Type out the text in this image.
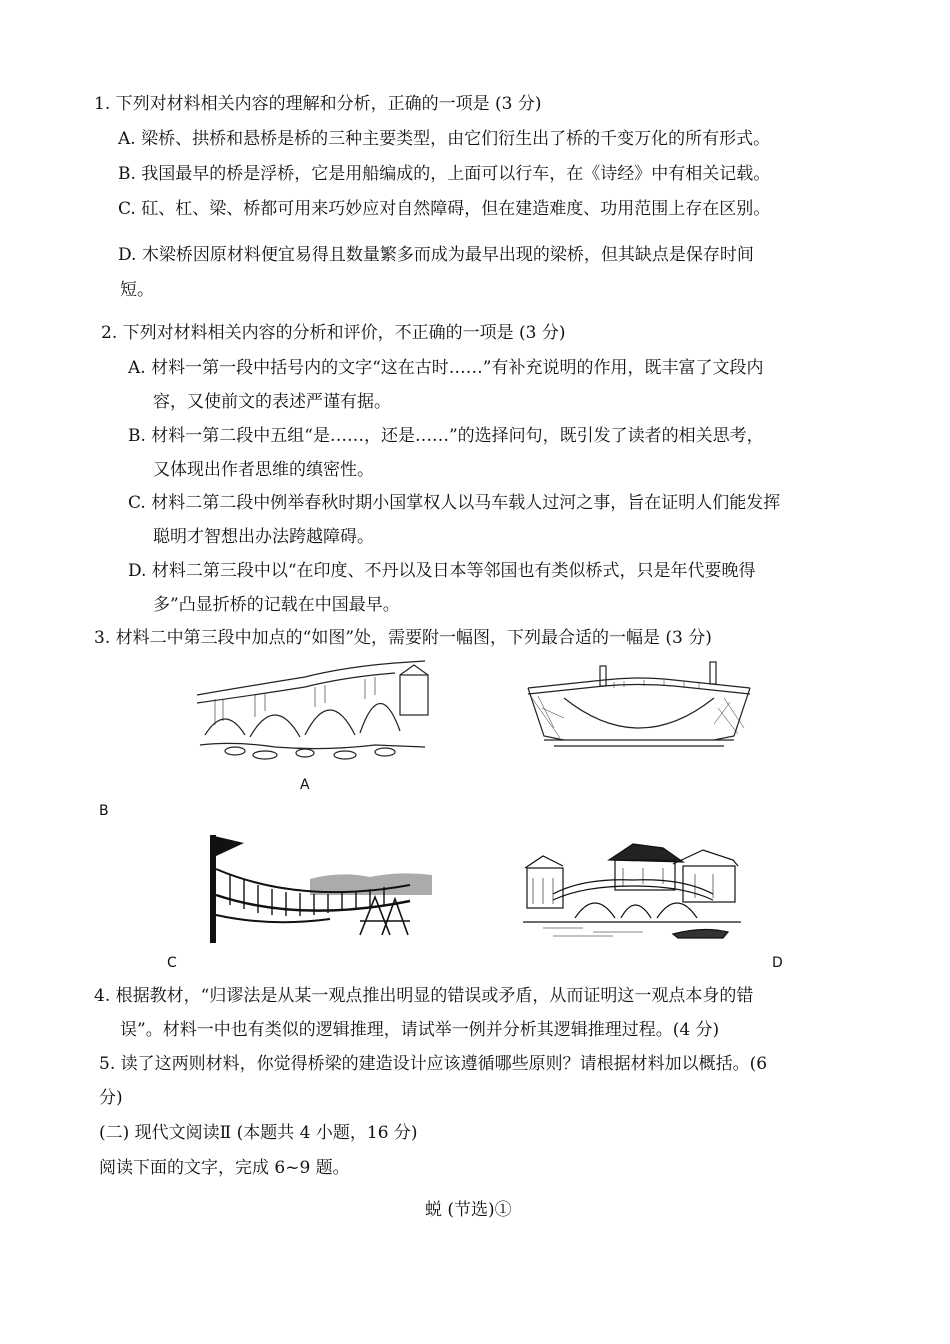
1. 下列对材料相关内容的理解和分析，正确的一项是 (3 分)
A. 梁桥、拱桥和悬桥是桥的三种主要类型，由它们衍生出了桥的千变万化的所有形式。
B. 我国最早的桥是浮桥，它是用船编成的，上面可以行车，在《诗经》中有相关记载。
C. 矼、杠、梁、桥都可用来巧妙应对自然障碍，但在建造难度、功用范围上存在区别。
D. 木梁桥因原材料便宜易得且数量繁多而成为最早出现的梁桥，但其缺点是保存时间
短。
2. 下列对材料相关内容的分析和评价，不正确的一项是 (3 分)
A. 材料一第一段中括号内的文字“这在古时……”有补充说明的作用，既丰富了文段内
容，又使前文的表述严谨有据。
B. 材料一第二段中五组“是……，还是……”的选择问句，既引发了读者的相关思考，
又体现出作者思维的缜密性。
C. 材料二第二段中例举春秋时期小国掌权人以马车载人过河之事，旨在证明人们能发挥
聪明才智想出办法跨越障碍。
D. 材料二第三段中以“在印度、不丹以及日本等邻国也有类似桥式，只是年代要晚得
多”凸显折桥的记载在中国最早。
3. 材料二中第三段中加点的“如图”处，需要附一幅图，下列最合适的一幅是 (3 分)
A
B
C	D
4. 根据教材，“归谬法是从某一观点推出明显的错误或矛盾，从而证明这一观点本身的错
误”。材料一中也有类似的逻辑推理，请试举一例并分析其逻辑推理过程。(4 分)
5. 读了这两则材料，你觉得桥梁的建造设计应该遵循哪些原则？请根据材料加以概括。(6
分)
(二) 现代文阅读Ⅱ (本题共 4 小题，16 分)
阅读下面的文字，完成 6~9 题。
蜕 (节选)①
